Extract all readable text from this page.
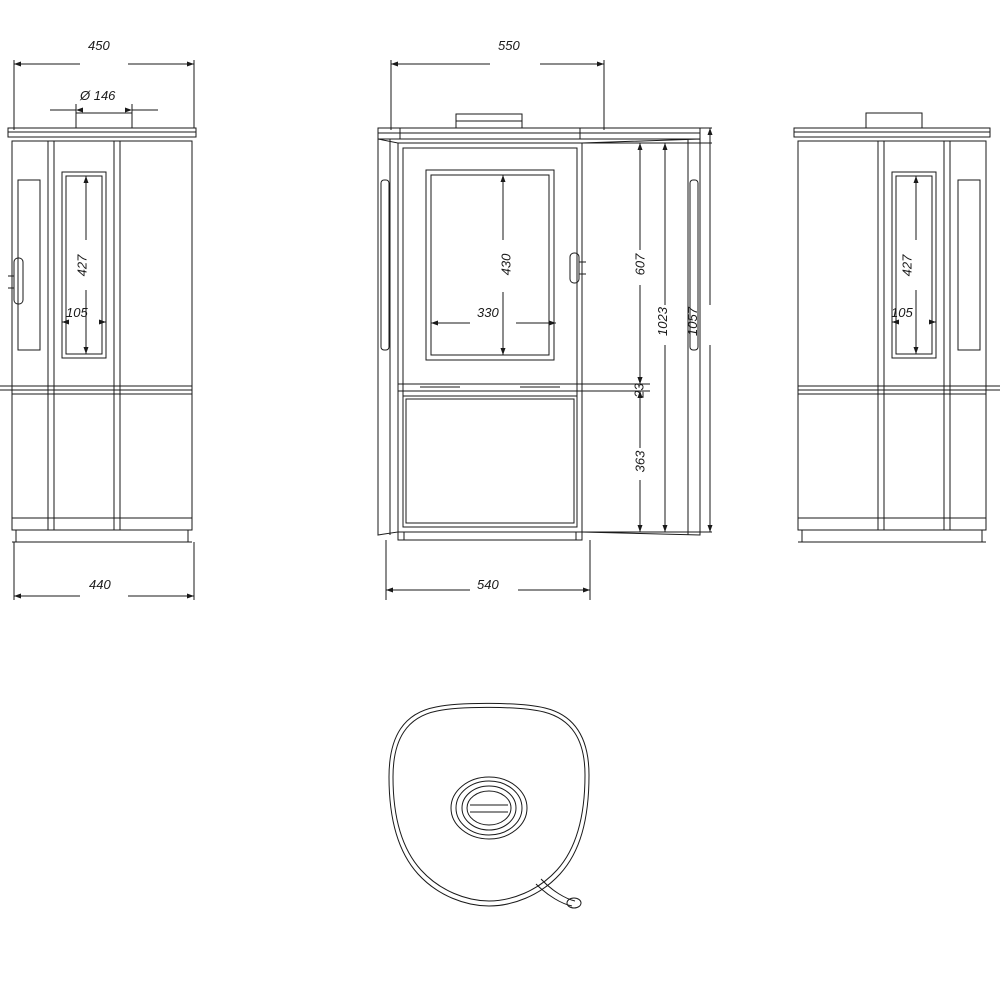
450
Ø 146
427
105
440
550
430
330
607
1023 1057
23
363
540
427
105
